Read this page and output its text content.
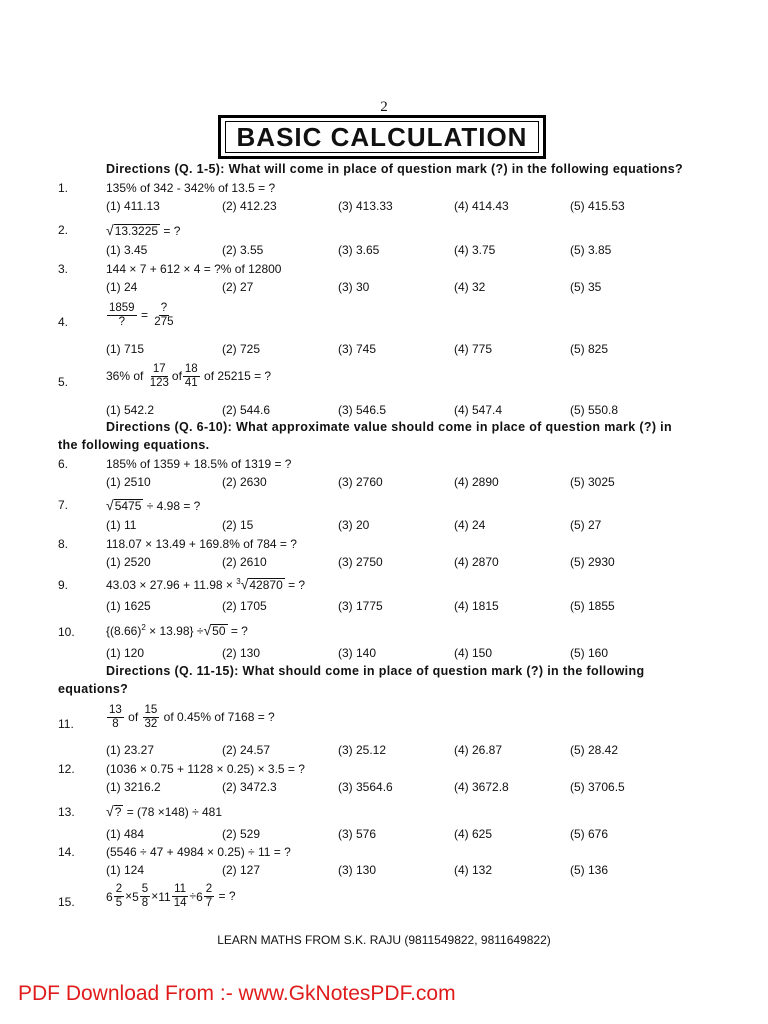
2
BASIC CALCULATION
Directions (Q. 1-5): What will come in place of question mark (?) in the following equations?
1.	135% of 342 - 342% of 13.5 = ?
(1) 411.13	(2) 412.23	(3) 413.33	(4) 414.43	(5) 415.53
2.	√13.3225 = ?
(1) 3.45	(2) 3.55	(3) 3.65	(4) 3.75	(5) 3.85
3.	144 × 7 + 612 × 4 = ?% of 12800
(1) 24	(2) 27	(3) 30	(4) 32	(5) 35
4.	$\frac{1859}{?} = \frac{?}{275}$
(1) 715	(2) 725	(3) 745	(4) 775	(5) 825
5.	36% of $\frac{17}{123}$ of $\frac{18}{41}$ of 25215 = ?
(1) 542.2	(2) 544.6	(3) 546.5	(4) 547.4	(5) 550.8
Directions (Q. 6-10): What approximate value should come in place of question mark (?) in
the following equations.
6.	185% of 1359 + 18.5% of 1319 = ?
(1) 2510	(2) 2630	(3) 2760	(4) 2890	(5) 3025
7.	√5475 ÷ 4.98 = ?
(1) 11	(2) 15	(3) 20	(4) 24	(5) 27
8.	118.07 × 13.49 + 169.8% of 784 = ?
(1) 2520	(2) 2610	(3) 2750	(4) 2870	(5) 2930
9.	43.03 × 27.96 + 11.98 × $^3$√42870 = ?
(1) 1625	(2) 1705	(3) 1775	(4) 1815	(5) 1855
10.	$\{(8.66)^2 \times 13.98\} \div√50$ = ?
(1) 120	(2) 130	(3) 140	(4) 150	(5) 160
Directions (Q. 11-15): What should come in place of question mark (?) in the following
equations?
11.	$\frac{13}{8}$ of $\frac{15}{32}$ of 0.45% of 7168 = ?
(1) 23.27	(2) 24.57	(3) 25.12	(4) 26.87	(5) 28.42
12.	(1036 × 0.75 + 1128 × 0.25) × 3.5 = ?
(1) 3216.2	(2) 3472.3	(3) 3564.6	(4) 3672.8	(5) 3706.5
13. √? = (78 ×148) ÷ 481
(1) 484	(2) 529	(3) 576	(4) 625	(5) 676
14.	(5546 ÷ 47 + 4984 × 0.25) ÷ 11 = ?
(1) 124	(2) 127	(3) 130	(4) 132	(5) 136
15.	$6 \frac{2}{5} \times 5 \frac{5}{8} \times 11 \frac{11}{14} \div 6 \frac{2}{7}$ = ?
LEARN MATHS FROM S.K. RAJU (9811549822, 9811649822)
PDF Download From :- www.GkNotesPDF.com
